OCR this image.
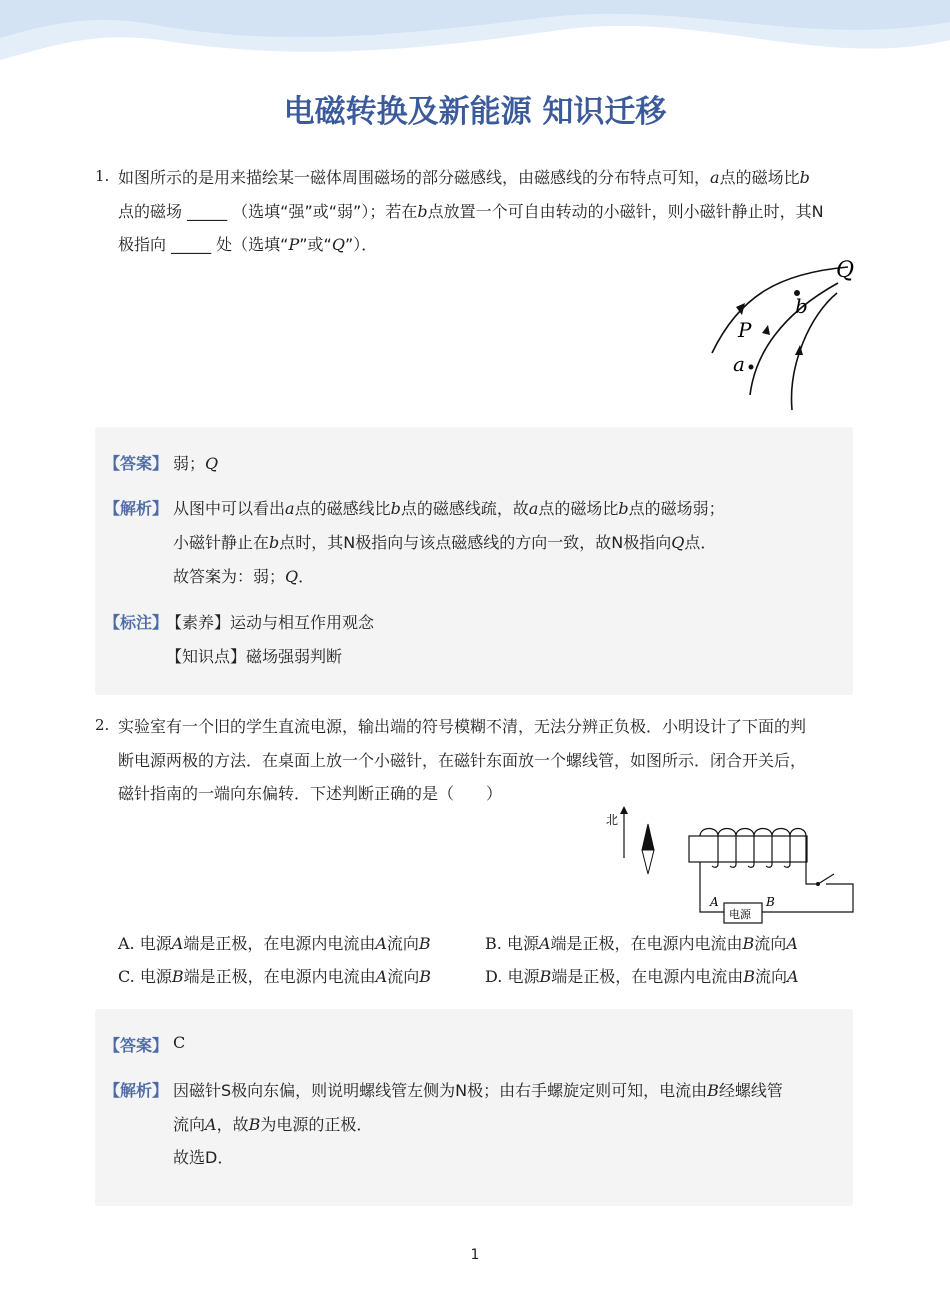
电磁转换及新能源 知识迁移
1. 如图所示的是用来描绘某一磁体周围磁场的部分磁感线，由磁感线的分布特点可知，a点的磁场比b
点的磁场 _____ （选填“强”或“弱”）；若在b点放置一个可自由转动的小磁针，则小磁针静止时，其N
极指向 _____ 处（选填“P”或“Q”）．
Q
b
P
a
【答案】 弱；Q
【解析】 从图中可以看出a点的磁感线比b点的磁感线疏，故a点的磁场比b点的磁场弱；
小磁针静止在b点时，其N极指向与该点磁感线的方向一致，故N极指向Q点．
故答案为：弱；Q．
【标注】
【素养】运动与相互作用观念
【知识点】磁场强弱判断
2. 实验室有一个旧的学生直流电源，输出端的符号模糊不清，无法分辨正负极．小明设计了下面的判
断电源两极的方法．在桌面上放一个小磁针，在磁针东面放一个螺线管，如图所示．闭合开关后，
磁针指南的一端向东偏转．下述判断正确的是（　　）
北
电源
A	B
A. 电源A端是正极，在电源内电流由A流向B	B. 电源A端是正极，在电源内电流由B流向A
C. 电源B端是正极，在电源内电流由A流向B	D. 电源B端是正极，在电源内电流由B流向A
【答案】 C
【解析】 因磁针S极向东偏，则说明螺线管左侧为N极；由右手螺旋定则可知，电流由B经螺线管
流向A，故B为电源的正极．
故选D．
1
